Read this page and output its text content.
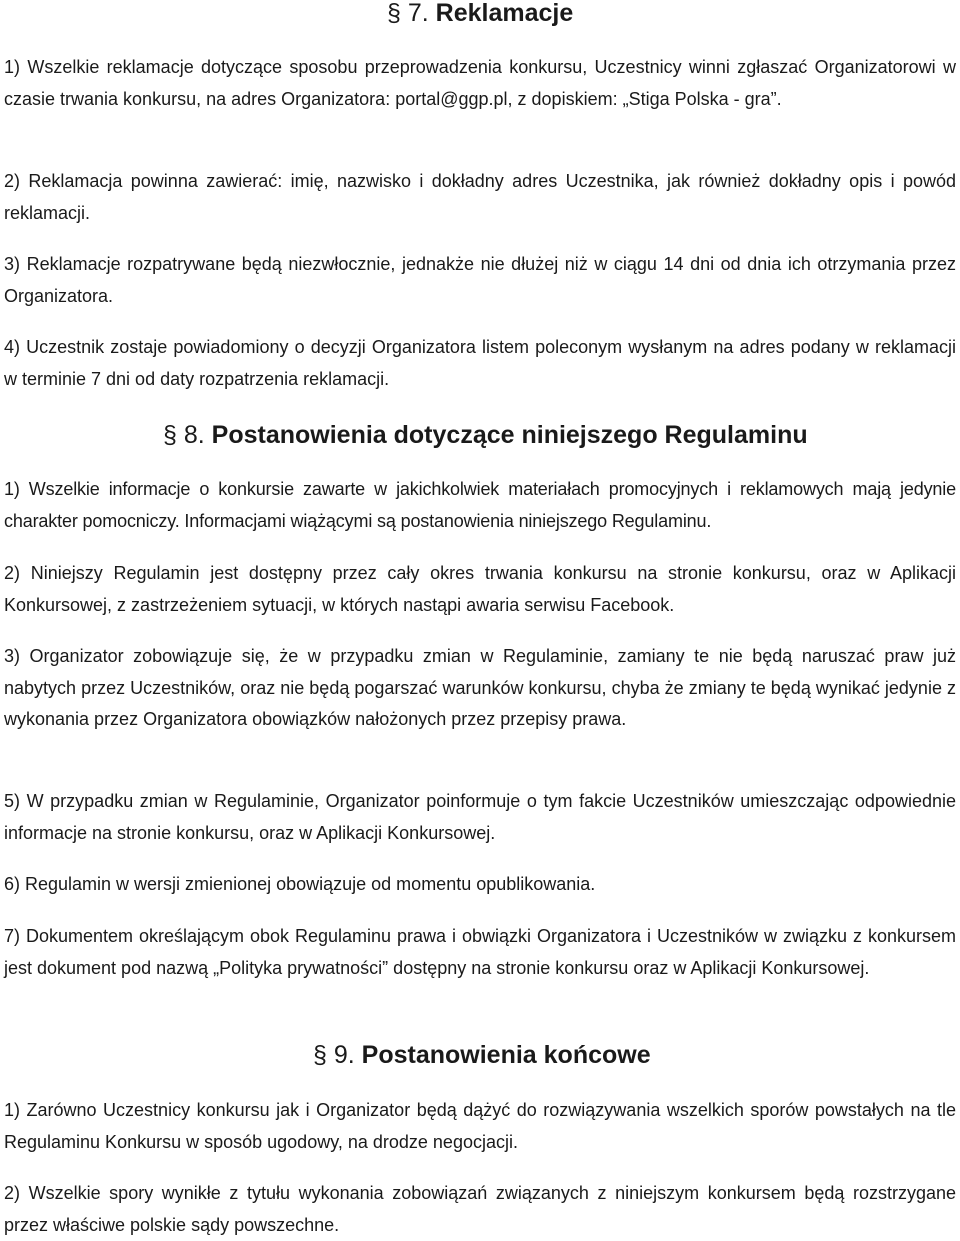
§ 7. Reklamacje

1) Wszelkie reklamacje dotyczące sposobu przeprowadzenia konkursu, Uczestnicy winni zgłaszać Organizatorowi w czasie trwania konkursu, na adres Organizatora: portal@ggp.pl, z dopiskiem: „Stiga Polska - gra”.

2) Reklamacja powinna zawierać: imię, nazwisko i dokładny adres Uczestnika, jak również dokładny opis i powód reklamacji.

3) Reklamacje rozpatrywane będą niezwłocznie, jednakże nie dłużej niż w ciągu 14 dni od dnia ich otrzymania przez Organizatora.

4) Uczestnik zostaje powiadomiony o decyzji Organizatora listem poleconym wysłanym na adres podany w reklamacji w terminie 7 dni od daty rozpatrzenia reklamacji.

§ 8. Postanowienia dotyczące niniejszego Regulaminu

1) Wszelkie informacje o konkursie zawarte w jakichkolwiek materiałach promocyjnych i reklamowych mają jedynie charakter pomocniczy. Informacjami wiążącymi są postanowienia niniejszego Regulaminu.

2) Niniejszy Regulamin jest dostępny przez cały okres trwania konkursu na stronie konkursu, oraz w Aplikacji Konkursowej, z zastrzeżeniem sytuacji, w których nastąpi awaria serwisu Facebook.

3) Organizator zobowiązuje się, że w przypadku zmian w Regulaminie, zamiany te nie będą naruszać praw już nabytych przez Uczestników, oraz nie będą pogarszać warunków konkursu, chyba że zmiany te będą wynikać jedynie z wykonania przez Organizatora obowiązków nałożonych przez przepisy prawa.

5) W przypadku zmian w Regulaminie, Organizator poinformuje o tym fakcie Uczestników umieszczając odpowiednie informacje na stronie konkursu, oraz w Aplikacji Konkursowej.

6) Regulamin w wersji zmienionej obowiązuje od momentu opublikowania.

7) Dokumentem określającym obok Regulaminu prawa i obwiązki Organizatora i Uczestników w związku z konkursem jest dokument pod nazwą „Polityka prywatności” dostępny na stronie konkursu oraz w Aplikacji Konkursowej.

§ 9. Postanowienia końcowe

1) Zarówno Uczestnicy konkursu jak i Organizator będą dążyć do rozwiązywania wszelkich sporów powstałych na tle Regulaminu Konkursu w sposób ugodowy, na drodze negocjacji.

2) Wszelkie spory wynikłe z tytułu wykonania zobowiązań związanych z niniejszym konkursem będą rozstrzygane przez właściwe polskie sądy powszechne.
